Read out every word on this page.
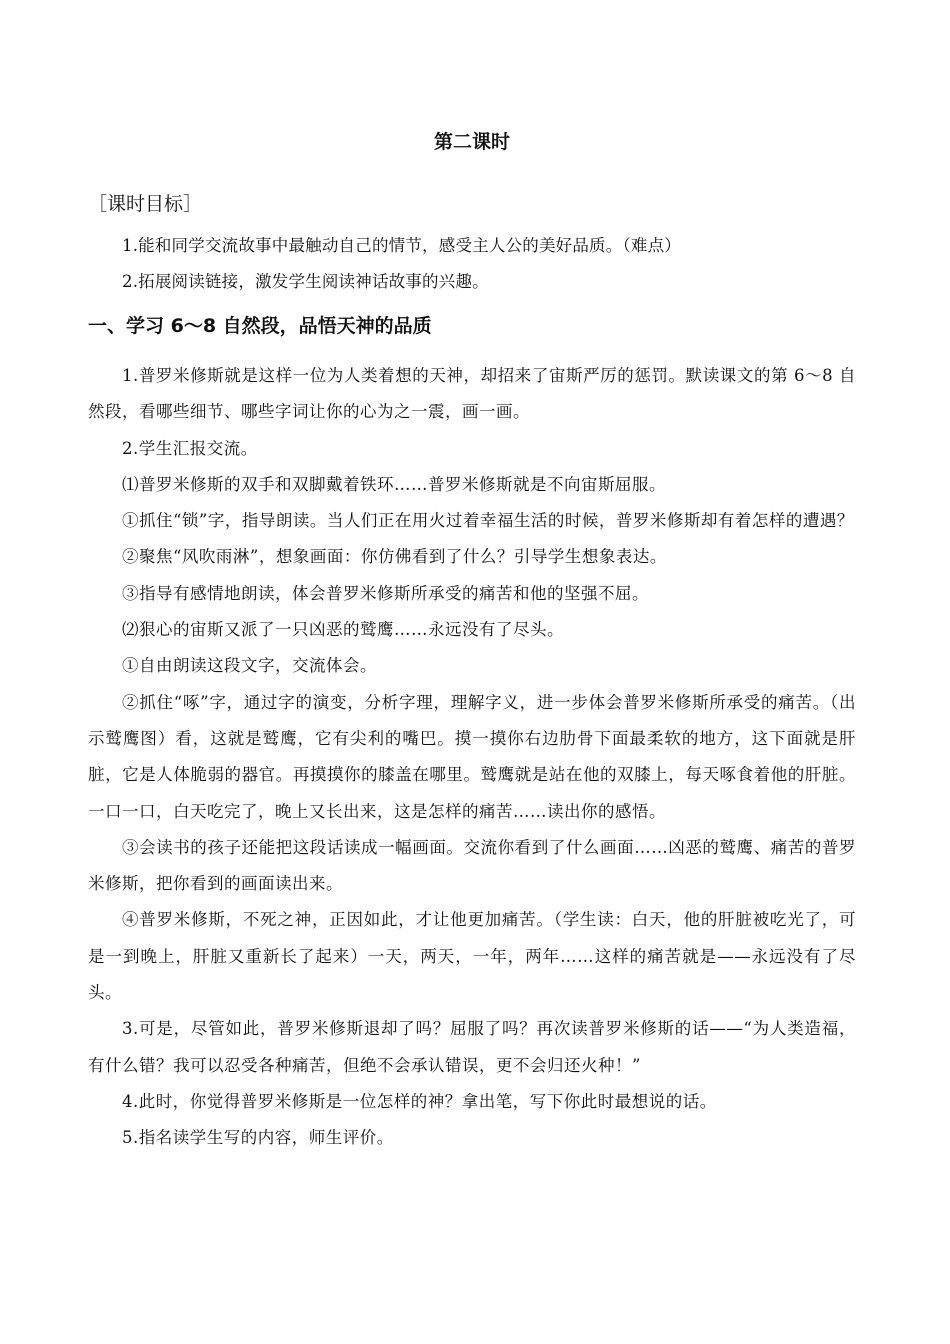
第二课时
［课时目标］

1.能和同学交流故事中最触动自己的情节，感受主人公的美好品质。（难点）

2.拓展阅读链接，激发学生阅读神话故事的兴趣。

一、学习 6～8 自然段，品悟天神的品质

1.普罗米修斯就是这样一位为人类着想的天神，却招来了宙斯严厉的惩罚。默读课文的第 6～8 自然段，看哪些细节、哪些字词让你的心为之一震，画一画。

2.学生汇报交流。

⑴普罗米修斯的双手和双脚戴着铁环……普罗米修斯就是不向宙斯屈服。

①抓住“锁”字，指导朗读。当人们正在用火过着幸福生活的时候，普罗米修斯却有着怎样的遭遇？

②聚焦“风吹雨淋”，想象画面：你仿佛看到了什么？引导学生想象表达。

③指导有感情地朗读，体会普罗米修斯所承受的痛苦和他的坚强不屈。

⑵狠心的宙斯又派了一只凶恶的鹫鹰……永远没有了尽头。

①自由朗读这段文字，交流体会。

②抓住“啄”字，通过字的演变，分析字理，理解字义，进一步体会普罗米修斯所承受的痛苦。（出示鹫鹰图）看，这就是鹫鹰，它有尖利的嘴巴。摸一摸你右边肋骨下面最柔软的地方，这下面就是肝脏，它是人体脆弱的器官。再摸摸你的膝盖在哪里。鹫鹰就是站在他的双膝上，每天啄食着他的肝脏。一口一口，白天吃完了，晚上又长出来，这是怎样的痛苦……读出你的感悟。

③会读书的孩子还能把这段话读成一幅画面。交流你看到了什么画面……凶恶的鹫鹰、痛苦的普罗米修斯，把你看到的画面读出来。

④普罗米修斯，不死之神，正因如此，才让他更加痛苦。（学生读：白天，他的肝脏被吃光了，可是一到晚上，肝脏又重新长了起来）一天，两天，一年，两年……这样的痛苦就是——永远没有了尽头。

3.可是，尽管如此，普罗米修斯退却了吗？屈服了吗？再次读普罗米修斯的话——“为人类造福，有什么错？我可以忍受各种痛苦，但绝不会承认错误，更不会归还火种！”

4.此时，你觉得普罗米修斯是一位怎样的神？拿出笔，写下你此时最想说的话。

5.指名读学生写的内容，师生评价。
